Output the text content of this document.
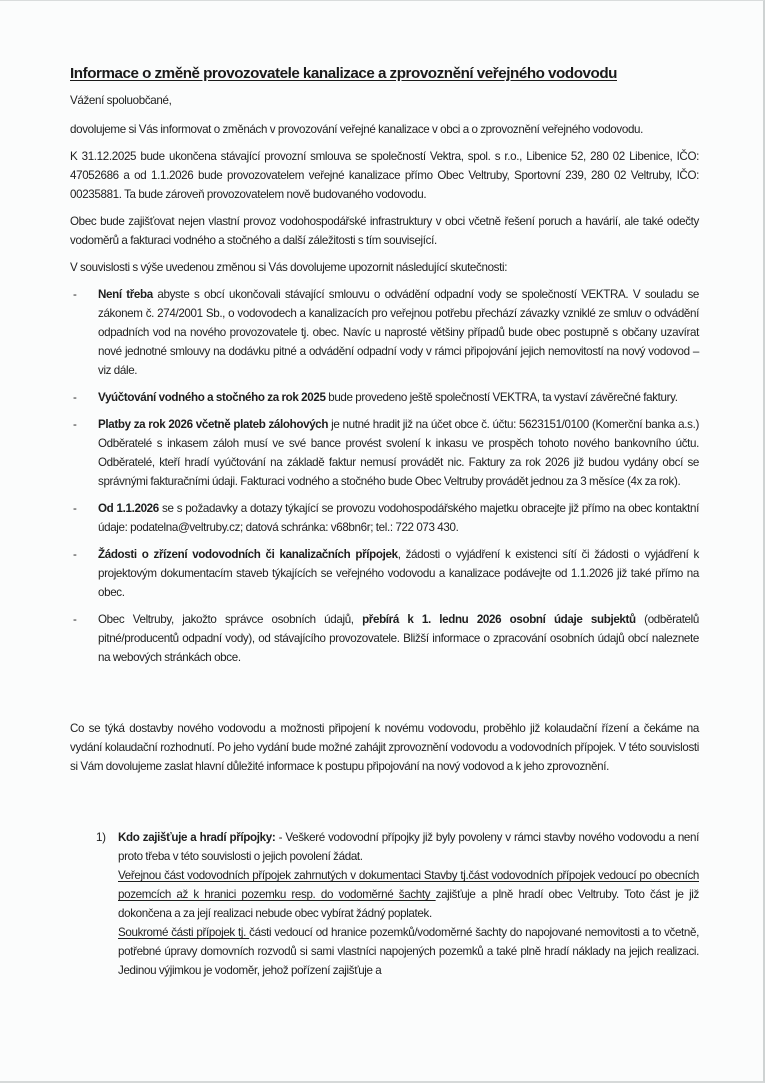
Informace o změně provozovatele kanalizace a zprovoznění veřejného vodovodu

Vážení spoluobčané,

dovolujeme si Vás informovat o změnách v provozování veřejné kanalizace v obci a o zprovoznění veřejného vodovodu.

K 31.12.2025 bude ukončena stávající provozní smlouva se společností Vektra, spol. s r.o., Libenice 52, 280 02 Libenice, IČO: 47052686 a od 1.1.2026 bude provozovatelem veřejné kanalizace přímo Obec Veltruby, Sportovní 239, 280 02 Veltruby, IČO: 00235881. Ta bude zároveň provozovatelem nově budovaného vodovodu.

Obec bude zajišťovat nejen vlastní provoz vodohospodářské infrastruktury v obci včetně řešení poruch a havárií, ale také odečty vodoměrů a fakturaci vodného a stočného a další záležitosti s tím související.

V souvislosti s výše uvedenou změnou si Vás dovolujeme upozornit následující skutečnosti:

- Není třeba abyste s obcí ukončovali stávající smlouvu o odvádění odpadní vody se společností VEKTRA. V souladu se zákonem č. 274/2001 Sb., o vodovodech a kanalizacích pro veřejnou potřebu přechází závazky vzniklé ze smluv o odvádění odpadních vod na nového provozovatele tj. obec. Navíc u naprosté většiny případů bude obec postupně s občany uzavírat nové jednotné smlouvy na dodávku pitné a odvádění odpadní vody v rámci připojování jejich nemovitostí na nový vodovod – viz dále.
- Vyúčtování vodného a stočného za rok 2025 bude provedeno ještě společností VEKTRA, ta vystaví závěrečné faktury.
- Platby za rok 2026 včetně plateb zálohových je nutné hradit již na účet obce č. účtu: 5623151/0100 (Komerční banka a.s.) Odběratelé s inkasem záloh musí ve své bance provést svolení k inkasu ve prospěch tohoto nového bankovního účtu. Odběratelé, kteří hradí vyúčtování na základě faktur nemusí provádět nic. Faktury za rok 2026 již budou vydány obcí se správnými fakturačními údaji. Fakturaci vodného a stočného bude Obec Veltruby provádět jednou za 3 měsíce (4x za rok).
- Od 1.1.2026 se s požadavky a dotazy týkající se provozu vodohospodářského majetku obracejte již přímo na obec kontaktní údaje: podatelna@veltruby.cz; datová schránka: v68bn6r; tel.: 722 073 430.
- Žádosti o zřízení vodovodních či kanalizačních přípojek, žádosti o vyjádření k existenci sítí či žádosti o vyjádření k projektovým dokumentacím staveb týkajících se veřejného vodovodu a kanalizace podávejte od 1.1.2026 již také přímo na obec.
- Obec Veltruby, jakožto správce osobních údajů, přebírá k 1. lednu 2026 osobní údaje subjektů (odběratelů pitné/producentů odpadní vody), od stávajícího provozovatele. Bližší informace o zpracování osobních údajů obcí naleznete na webových stránkách obce.

Co se týká dostavby nového vodovodu a možnosti připojení k novému vodovodu, proběhlo již kolaudační řízení a čekáme na vydání kolaudační rozhodnutí. Po jeho vydání bude možné zahájit zprovoznění vodovodu a vodovodních přípojek. V této souvislosti si Vám dovolujeme zaslat hlavní důležité informace k postupu připojování na nový vodovod a k jeho zprovoznění.

1) Kdo zajišťuje a hradí přípojky: - Veškeré vodovodní přípojky již byly povoleny v rámci stavby nového vodovodu a není proto třeba v této souvislosti o jejich povolení žádat.
Veřejnou část vodovodních přípojek zahrnutých v dokumentaci Stavby tj.část vodovodních přípojek vedoucí po obecních pozemcích až k hranici pozemku resp. do vodoměrné šachty zajišťuje a plně hradí obec Veltruby. Toto část je již dokončena a za její realizaci nebude obec vybírat žádný poplatek.
Soukromé části přípojek tj. části vedoucí od hranice pozemků/vodoměrné šachty do napojované nemovitosti a to včetně, potřebné úpravy domovních rozvodů si sami vlastníci napojených pozemků a také plně hradí náklady na jejich realizaci. Jedinou výjimkou je vodoměr, jehož pořízení zajišťuje a
